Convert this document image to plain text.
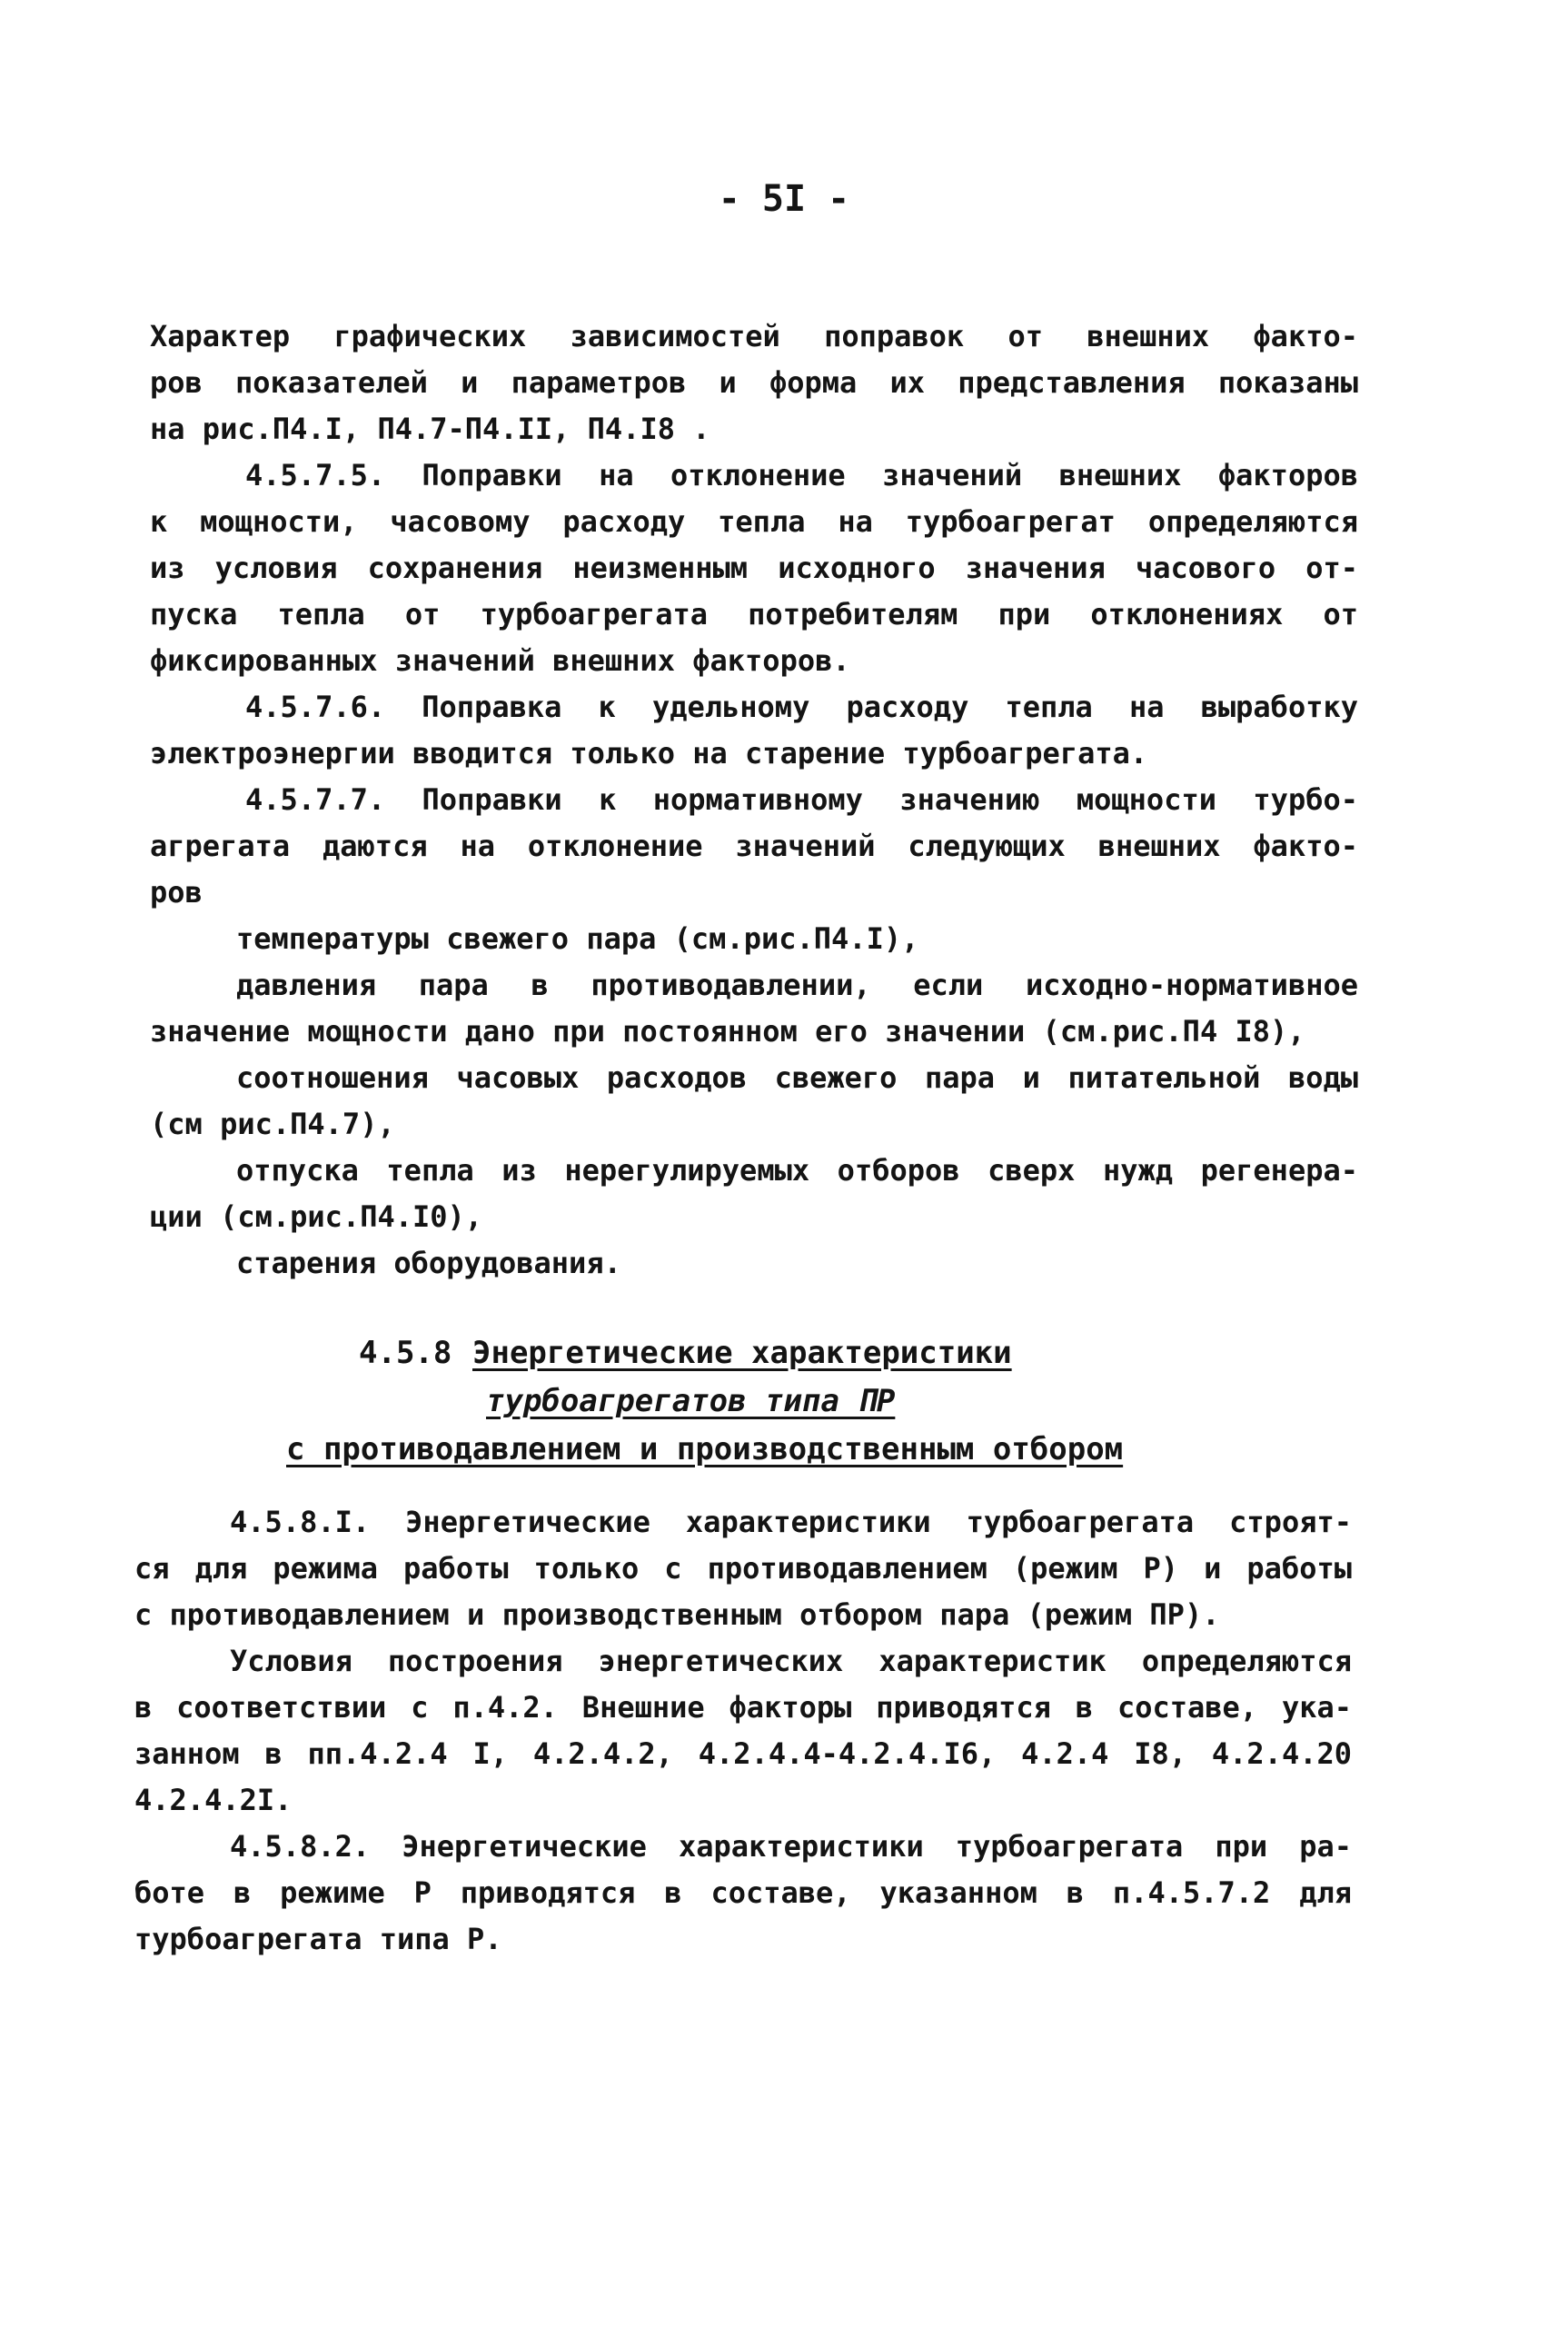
- 5I -
Характер графических зависимостей поправок от внешних факто-
ров показателей и параметров и форма их представления показаны
на рис.П4.I, П4.7-П4.II, П4.I8 .
4.5.7.5. Поправки на отклонение значений внешних факторов
к мощности, часовому расходу тепла на турбоагрегат определяются
из условия сохранения неизменным исходного значения часового от-
пуска тепла от турбоагрегата потребителям при отклонениях от
фиксированных значений внешних факторов.
4.5.7.6. Поправка к удельному расходу тепла на выработку
электроэнергии вводится только на старение турбоагрегата.
4.5.7.7. Поправки к нормативному значению мощности турбо-
агрегата даются на отклонение значений следующих внешних факто-
ров
температуры свежего пара (см.рис.П4.I),
давления пара в противодавлении, если исходно-нормативное
значение мощности дано при постоянном его значении (см.рис.П4 I8),
соотношения часовых расходов свежего пара и питательной воды
(см рис.П4.7),
отпуска тепла из нерегулируемых отборов сверх нужд регенера-
ции (см.рис.П4.I0),
старения оборудования.
4.5.8 Энергетические характеристики
турбоагрегатов типа ПР
с противодавлением и производственным отбором
4.5.8.I. Энергетические характеристики турбоагрегата строят-
ся для режима работы только с противодавлением (режим Р) и работы
с противодавлением и производственным отбором пара (режим ПР).
Условия построения энергетических характеристик определяются
в соответствии с п.4.2. Внешние факторы приводятся в составе, ука-
занном в пп.4.2.4 I, 4.2.4.2, 4.2.4.4-4.2.4.I6, 4.2.4 I8, 4.2.4.20
4.2.4.2I.
4.5.8.2. Энергетические характеристики турбоагрегата при ра-
боте в режиме Р приводятся в составе, указанном в п.4.5.7.2 для
турбоагрегата типа Р.
